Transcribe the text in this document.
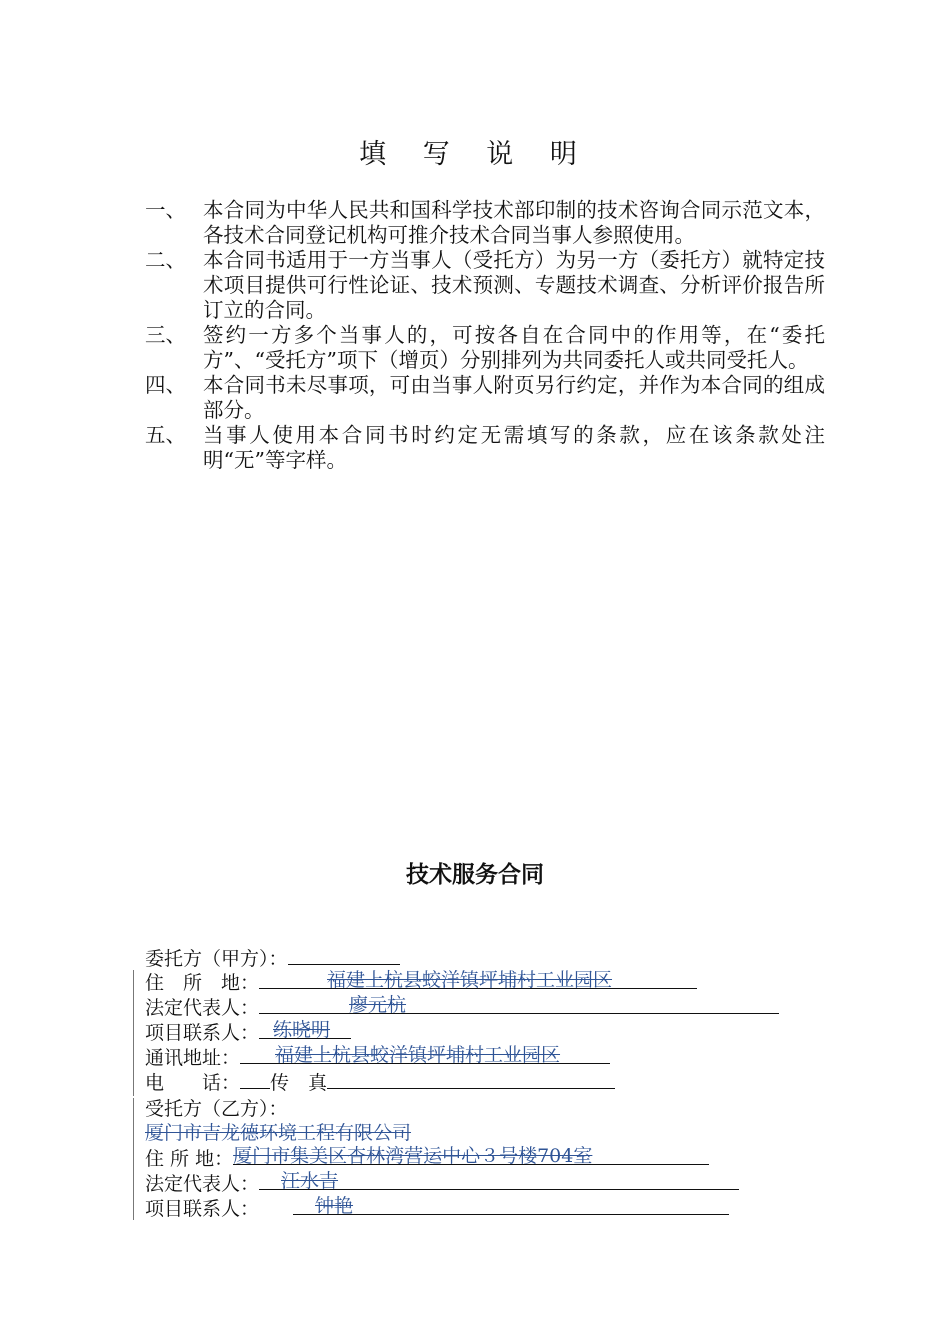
填 写 说 明

一、 本合同为中华人民共和国科学技术部印制的技术咨询合同示范文本，各技术合同登记机构可推介技术合同当事人参照使用。

二、 本合同书适用于一方当事人（受托方）为另一方（委托方）就特定技术项目提供可行性论证、技术预测、专题技术调查、分析评价报告所订立的合同。

三、 签约一方多个当事人的，可按各自在合同中的作用等，在“委托方”、“受托方”项下（增页）分别排列为共同委托人或共同受托人。

四、 本合同书未尽事项，可由当事人附页另行约定，并作为本合同的组成部分。

五、 当事人使用本合同书时约定无需填写的条款，应在该条款处注明“无”等字样。

技术服务合同
委托方（甲方）：
住　所　地：	福建上杭县蛟洋镇坪埔村工业园区
法定代表人：	廖元杭
项目联系人： 练晓明
通讯地址： 福建上杭县蛟洋镇坪埔村工业园区
电　　话： 传　真
受托方（乙方）：
厦门市吉龙德环境工程有限公司
住 所 地： 厦门市集美区杏林湾营运中心３号楼704室
法定代表人： 汪水吉
项目联系人：	钟艳
